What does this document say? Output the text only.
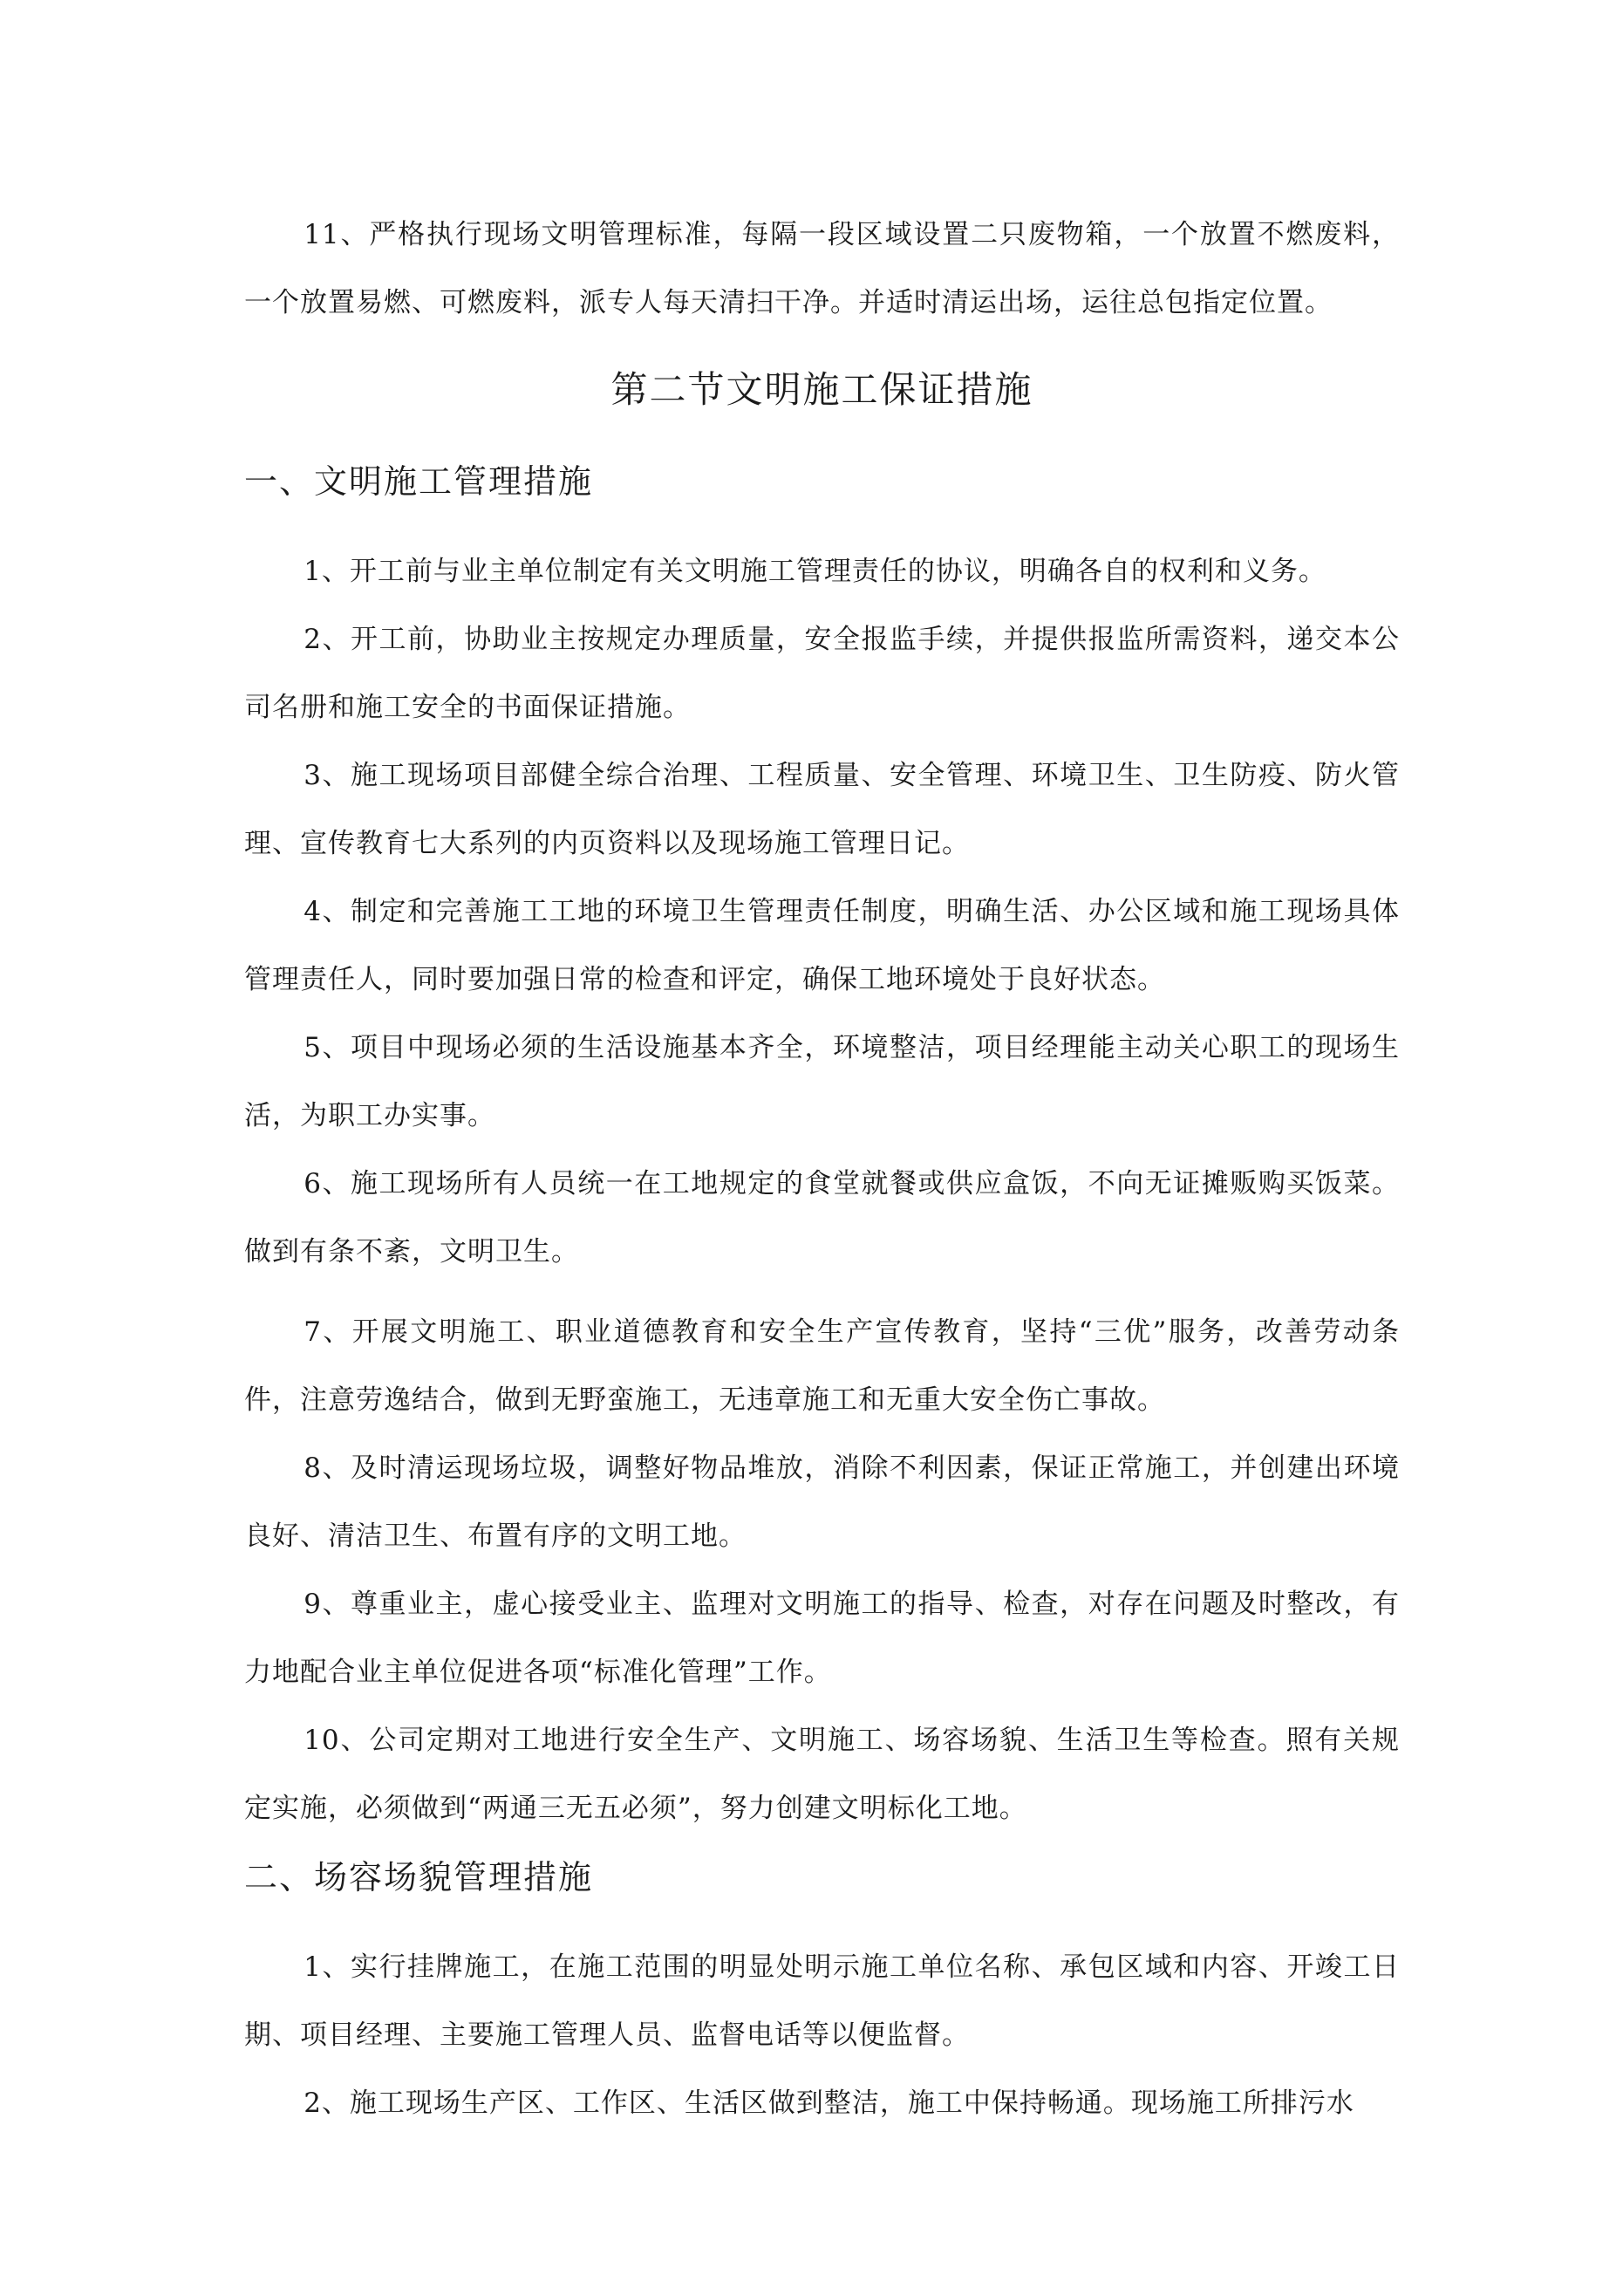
11、严格执行现场文明管理标准，每隔一段区域设置二只废物箱，一个放置不燃废料，一个放置易燃、可燃废料，派专人每天清扫干净。并适时清运出场，运往总包指定位置。

第二节文明施工保证措施
一、文明施工管理措施

1、开工前与业主单位制定有关文明施工管理责任的协议，明确各自的权利和义务。

2、开工前，协助业主按规定办理质量，安全报监手续，并提供报监所需资料，递交本公司名册和施工安全的书面保证措施。

3、施工现场项目部健全综合治理、工程质量、安全管理、环境卫生、卫生防疫、防火管理、宣传教育七大系列的内页资料以及现场施工管理日记。

4、制定和完善施工工地的环境卫生管理责任制度，明确生活、办公区域和施工现场具体管理责任人，同时要加强日常的检查和评定，确保工地环境处于良好状态。

5、项目中现场必须的生活设施基本齐全，环境整洁，项目经理能主动关心职工的现场生活，为职工办实事。

6、施工现场所有人员统一在工地规定的食堂就餐或供应盒饭，不向无证摊贩购买饭菜。做到有条不紊，文明卫生。

7、开展文明施工、职业道德教育和安全生产宣传教育，坚持“三优”服务，改善劳动条件，注意劳逸结合，做到无野蛮施工，无违章施工和无重大安全伤亡事故。

8、及时清运现场垃圾，调整好物品堆放，消除不利因素，保证正常施工，并创建出环境良好、清洁卫生、布置有序的文明工地。

9、尊重业主，虚心接受业主、监理对文明施工的指导、检查，对存在问题及时整改，有力地配合业主单位促进各项“标准化管理”工作。

10、公司定期对工地进行安全生产、文明施工、场容场貌、生活卫生等检查。照有关规定实施，必须做到“两通三无五必须”，努力创建文明标化工地。

二、场容场貌管理措施

1、实行挂牌施工，在施工范围的明显处明示施工单位名称、承包区域和内容、开竣工日期、项目经理、主要施工管理人员、监督电话等以便监督。

2、施工现场生产区、工作区、生活区做到整洁，施工中保持畅通。现场施工所排污水
